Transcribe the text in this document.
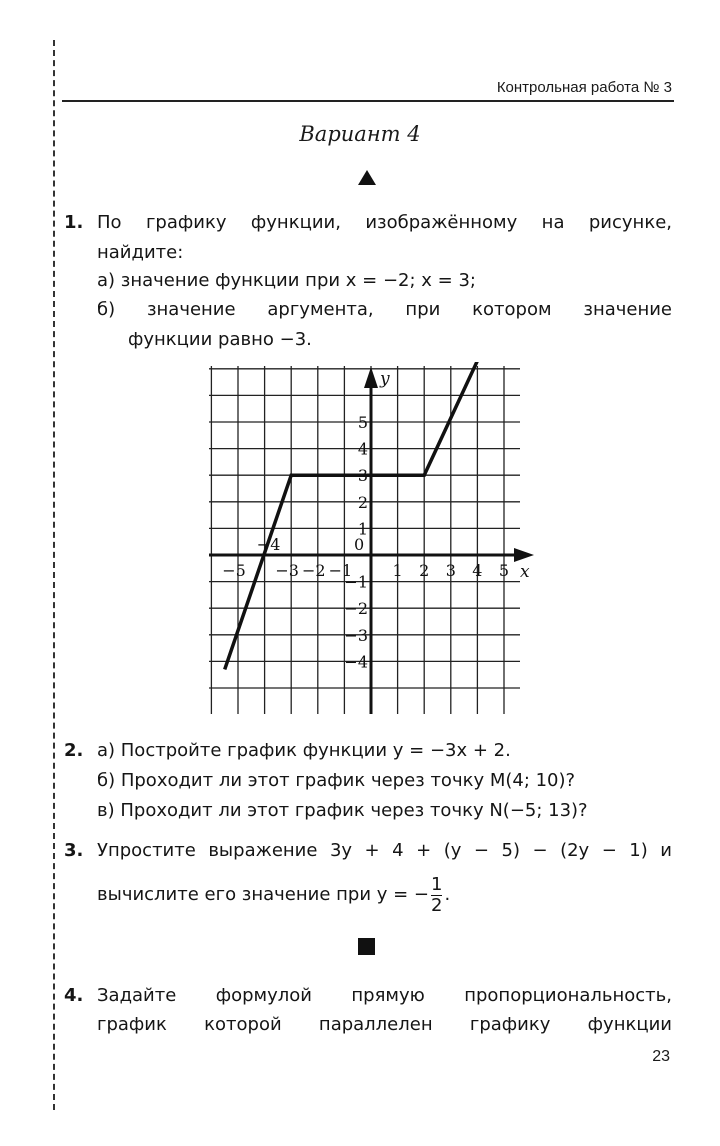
Контрольная работа № 3
Вариант 4
1. По графику функции, изображённому на рисунке,
найдите:
а) значение функции при x = −2; x = 3;
б) значение аргумента, при котором значение
функции равно −3.
−5
−4
−3 −2 −1	1 2 3 4 5
5
4
3
2
1
−1
−2
−3
−4
x
y
0
2. а) Постройте график функции y = −3x + 2.
б) Проходит ли этот график через точку M(4; 10)?
в) Проходит ли этот график через точку N(−5; 13)?
3. Упростите выражение 3y + 4 + (y − 5) − (2y − 1) и
вычислите его значение при y = − $\frac{1}{2}$ .
4. Задайте формулой прямую пропорциональность,
график которой параллелен графику функции
23
